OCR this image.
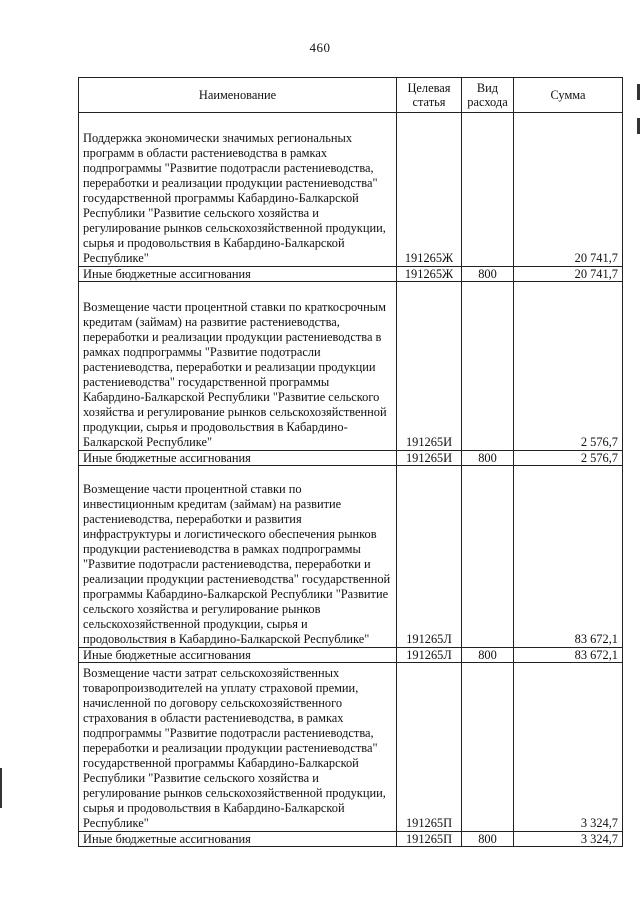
460
Наименование	Целевая статья	Вид расхода	Сумма
Поддержка экономически значимых региональных программ в области растениеводства в рамках подпрограммы "Развитие подотрасли растениеводства, переработки и реализации продукции растениеводства" государственной программы Кабардино-Балкарской Республики "Развитие сельского хозяйства и регулирование рынков сельскохозяйственной продукции, сырья и продовольствия в Кабардино-Балкарской Республике"	191265Ж		20 741,7
Иные бюджетные ассигнования	191265Ж	800	20 741,7
Возмещение части процентной ставки по краткосрочным кредитам (займам) на развитие растениеводства, переработки и реализации продукции растениеводства в рамках подпрограммы "Развитие подотрасли растениеводства, переработки и реализации продукции растениеводства" государственной программы Кабардино-Балкарской Республики "Развитие сельского хозяйства и регулирование рынков сельскохозяйственной продукции, сырья и продовольствия в Кабардино-Балкарской Республике"	191265И		2 576,7
Иные бюджетные ассигнования	191265И	800	2 576,7
Возмещение части процентной ставки по инвестиционным кредитам (займам) на развитие растениеводства, переработки и развития инфраструктуры и логистического обеспечения рынков продукции растениеводства в рамках подпрограммы "Развитие подотрасли растениеводства, переработки и реализации продукции растениеводства" государственной программы Кабардино-Балкарской Республики "Развитие сельского хозяйства и регулирование рынков сельскохозяйственной продукции, сырья и продовольствия в Кабардино-Балкарской Республике"	191265Л		83 672,1
Иные бюджетные ассигнования	191265Л	800	83 672,1
Возмещение части затрат сельскохозяйственных товаропроизводителей на уплату страховой премии, начисленной по договору сельскохозяйственного страхования в области растениеводства, в рамках подпрограммы "Развитие подотрасли растениеводства, переработки и реализации продукции растениеводства" государственной программы Кабардино-Балкарской Республики "Развитие сельского хозяйства и регулирование рынков сельскохозяйственной продукции, сырья и продовольствия в Кабардино-Балкарской Республике"	191265П		3 324,7
Иные бюджетные ассигнования	191265П	800	3 324,7
